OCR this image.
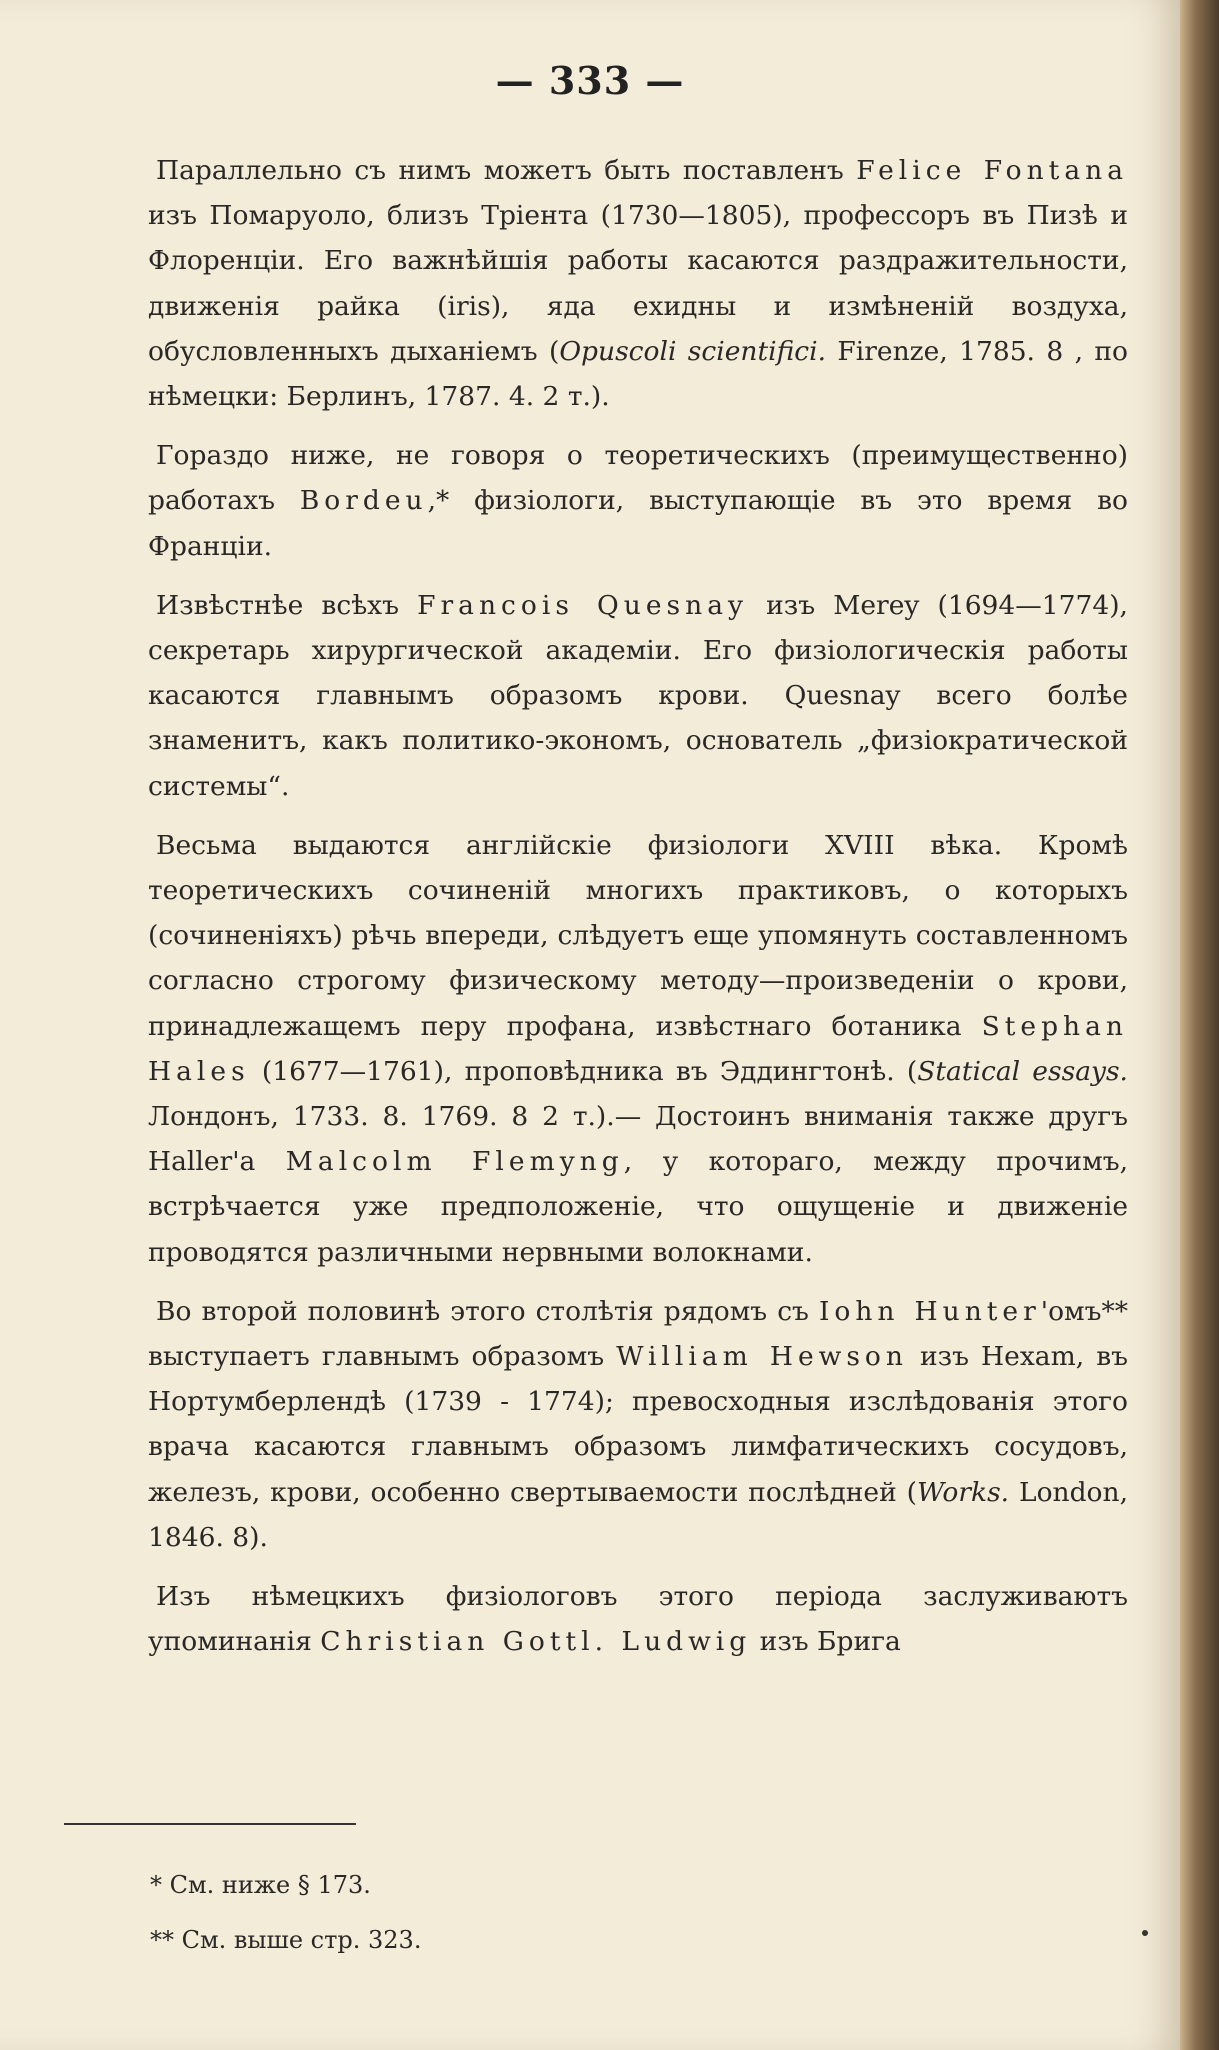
— 333 —

Параллельно съ нимъ можетъ быть поставленъ Felice Fontana изъ Помаруоло, близъ Тріента (1730—1805), профессоръ въ Пизѣ и Флоренціи. Его важнѣйшія работы касаются раздражительности, движенія райка (iris), яда ехидны и измѣненій воздуха, обусловленныхъ дыханіемъ (Opuscoli scientifici. Firenze, 1785. 8 , по нѣмецки: Берлинъ, 1787. 4. 2 т.).

Гораздо ниже, не говоря о теоретическихъ (преимущественно) работахъ Bordeu,* физіологи, выступающіе въ это время во Франціи.

Извѣстнѣе всѣхъ Francois Quesnay изъ Merey (1694—1774), секретарь хирургической академіи. Его физіологическія работы касаются главнымъ образомъ крови. Quesnay всего болѣе знаменитъ, какъ политико-экономъ, основатель „физіократической системы“.

Весьма выдаются англійскіе физіологи XVIII вѣка. Кромѣ теоретическихъ сочиненій многихъ практиковъ, о которыхъ (сочиненіяхъ) рѣчь впереди, слѣдуетъ еще упомянуть составленномъ согласно строгому физическому методу—произведеніи о крови, принадлежащемъ перу профана, извѣстнаго ботаника Stephan Hales (1677—1761), проповѣдника въ Эддингтонѣ. (Statical essays. Лондонъ, 1733. 8. 1769. 8 2 т.).— Достоинъ вниманія также другъ Haller'a Malcolm Flemyng, у котораго, между прочимъ, встрѣчается уже предположеніе, что ощущеніе и движеніе проводятся различными нервными волокнами.

Во второй половинѣ этого столѣтія рядомъ съ Iohn Hunter'омъ** выступаетъ главнымъ образомъ William Hewson изъ Hexam, въ Нортумберлендѣ (1739 - 1774); превосходныя изслѣдованія этого врача касаются главнымъ образомъ лимфатическихъ сосудовъ, железъ, крови, особенно свертываемости послѣдней (Works. London, 1846. 8).

Изъ нѣмецкихъ физіологовъ этого періода заслуживаютъ упоминанія Christian Gottl. Ludwig изъ Брига

* См. ниже § 173.
** См. выше стр. 323.
